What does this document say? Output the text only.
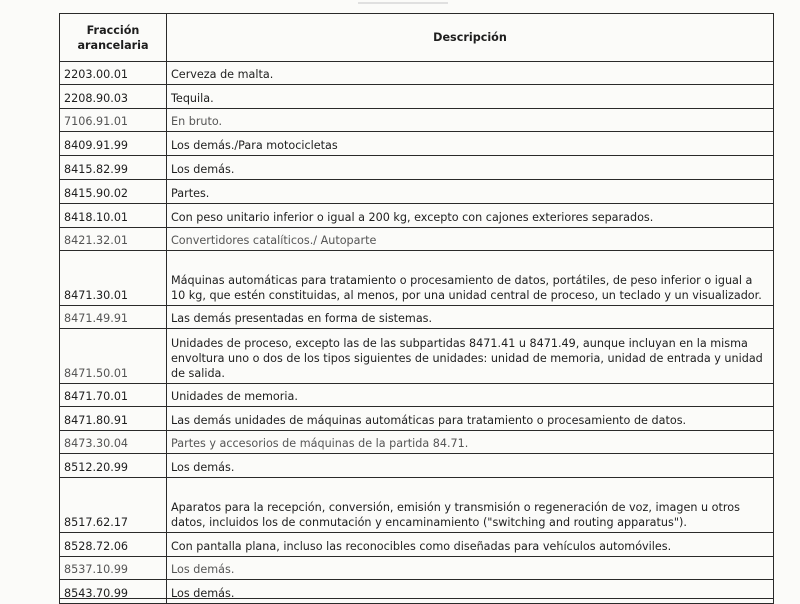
Fracción arancelaria	Descripción
2203.00.01	Cerveza de malta.
2208.90.03	Tequila.
7106.91.01	En bruto.
8409.91.99	Los demás./Para motocicletas
8415.82.99	Los demás.
8415.90.02	Partes.
8418.10.01	Con peso unitario inferior o igual a 200 kg, excepto con cajones exteriores separados.
8421.32.01	Convertidores catalíticos./ Autoparte
8471.30.01	Máquinas automáticas para tratamiento o procesamiento de datos, portátiles, de peso inferior o igual a 10 kg, que estén constituidas, al menos, por una unidad central de proceso, un teclado y un visualizador.
8471.49.91	Las demás presentadas en forma de sistemas.
8471.50.01	Unidades de proceso, excepto las de las subpartidas 8471.41 u 8471.49, aunque incluyan en la misma envoltura uno o dos de los tipos siguientes de unidades: unidad de memoria, unidad de entrada y unidad de salida.
8471.70.01	Unidades de memoria.
8471.80.91	Las demás unidades de máquinas automáticas para tratamiento o procesamiento de datos.
8473.30.04	Partes y accesorios de máquinas de la partida 84.71.
8512.20.99	Los demás.
8517.62.17	Aparatos para la recepción, conversión, emisión y transmisión o regeneración de voz, imagen u otros datos, incluidos los de conmutación y encaminamiento ("switching and routing apparatus").
8528.72.06	Con pantalla plana, incluso las reconocibles como diseñadas para vehículos automóviles.
8537.10.99	Los demás.
8543.70.99	Los demás.
